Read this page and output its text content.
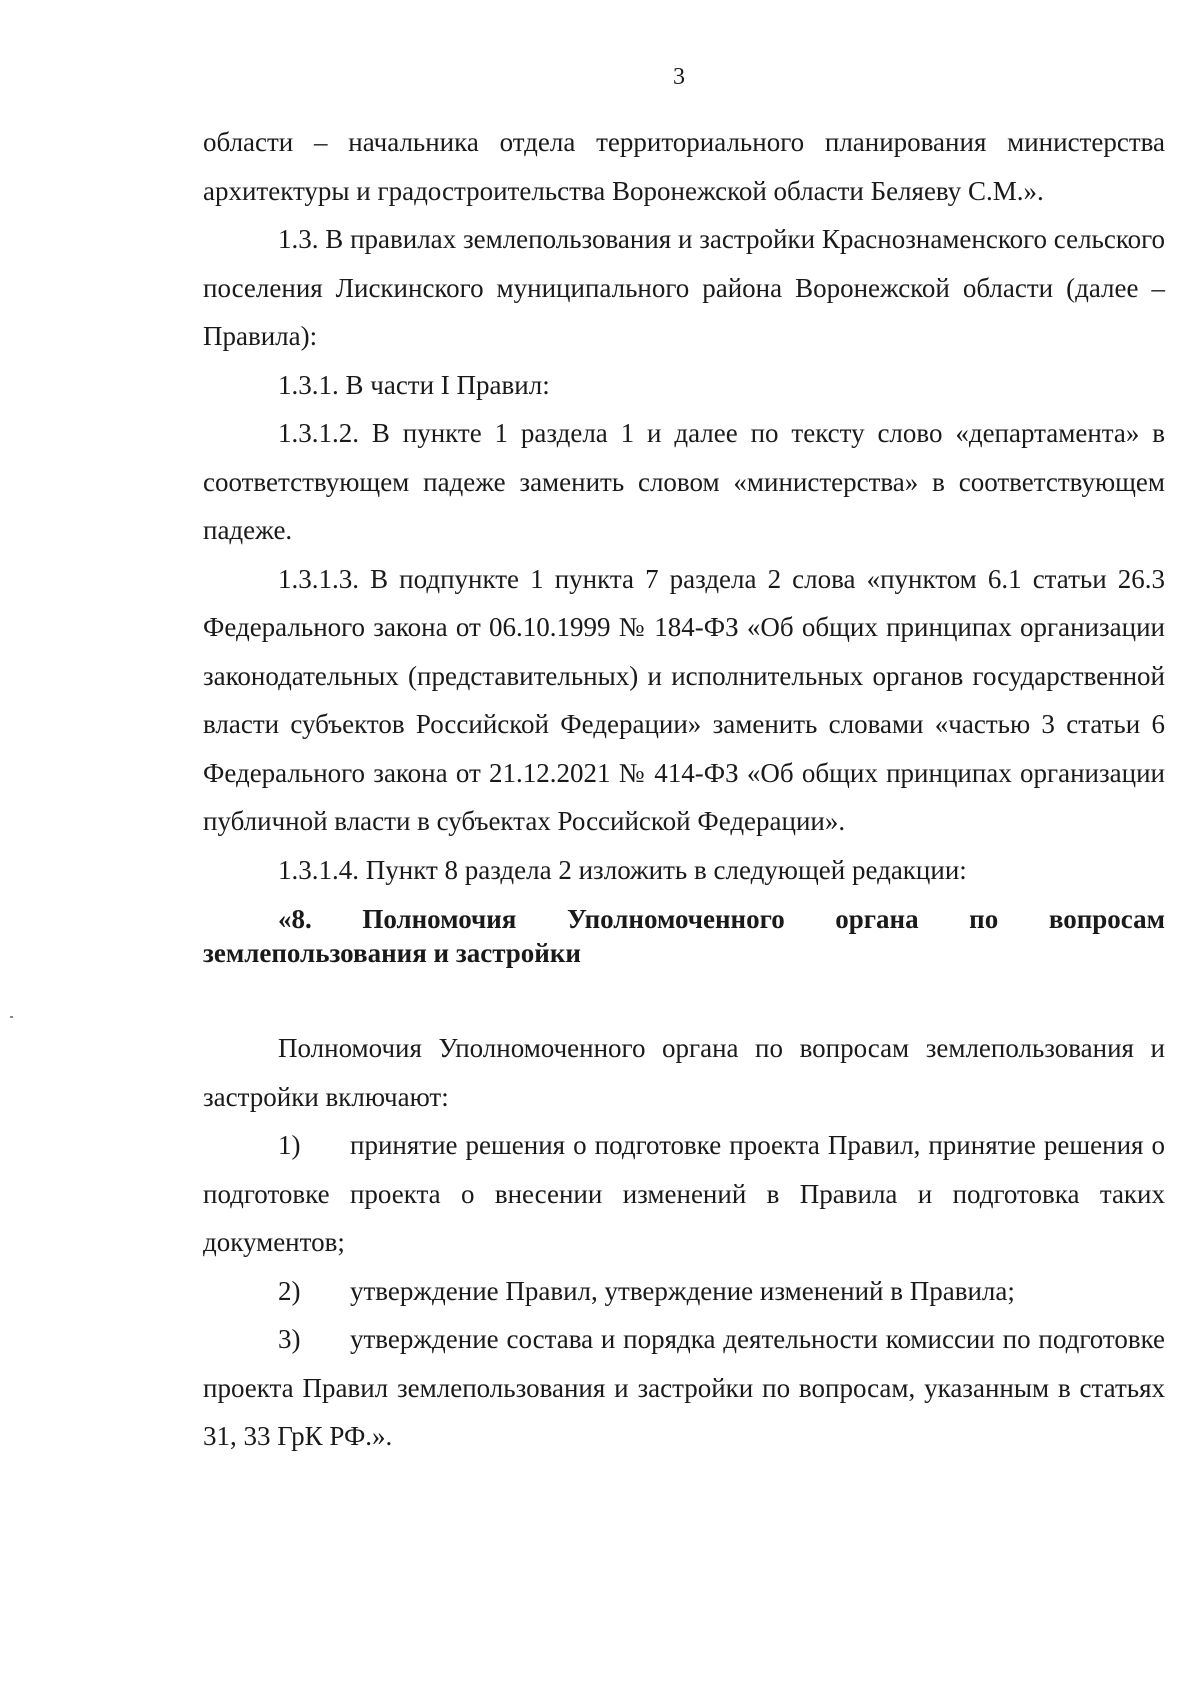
3

области – начальника отдела территориального планирования министерства архитектуры и градостроительства Воронежской области Беляеву С.М.».

1.3. В правилах землепользования и застройки Краснознаменского сельского поселения Лискинского муниципального района Воронежской области (далее – Правила):

1.3.1. В части I Правил:

1.3.1.2. В пункте 1 раздела 1 и далее по тексту слово «департамента» в соответствующем падеже заменить словом «министерства» в соответствующем падеже.

1.3.1.3. В подпункте 1 пункта 7 раздела 2 слова «пунктом 6.1 статьи 26.3 Федерального закона от 06.10.1999 № 184-ФЗ «Об общих принципах организации законодательных (представительных) и исполнительных органов государственной власти субъектов Российской Федерации» заменить словами «частью 3 статьи 6 Федерального закона от 21.12.2021 № 414-ФЗ «Об общих принципах организации публичной власти в субъектах Российской Федерации».

1.3.1.4. Пункт 8 раздела 2 изложить в следующей редакции:

«8. Полномочия Уполномоченного органа по вопросам землепользования и застройки

Полномочия Уполномоченного органа по вопросам землепользования и застройки включают:

1) принятие решения о подготовке проекта Правил, принятие решения о подготовке проекта о внесении изменений в Правила и подготовка таких документов;

2) утверждение Правил, утверждение изменений в Правила;

3) утверждение состава и порядка деятельности комиссии по подготовке проекта Правил землепользования и застройки по вопросам, указанным в статьях 31, 33 ГрК РФ.».
